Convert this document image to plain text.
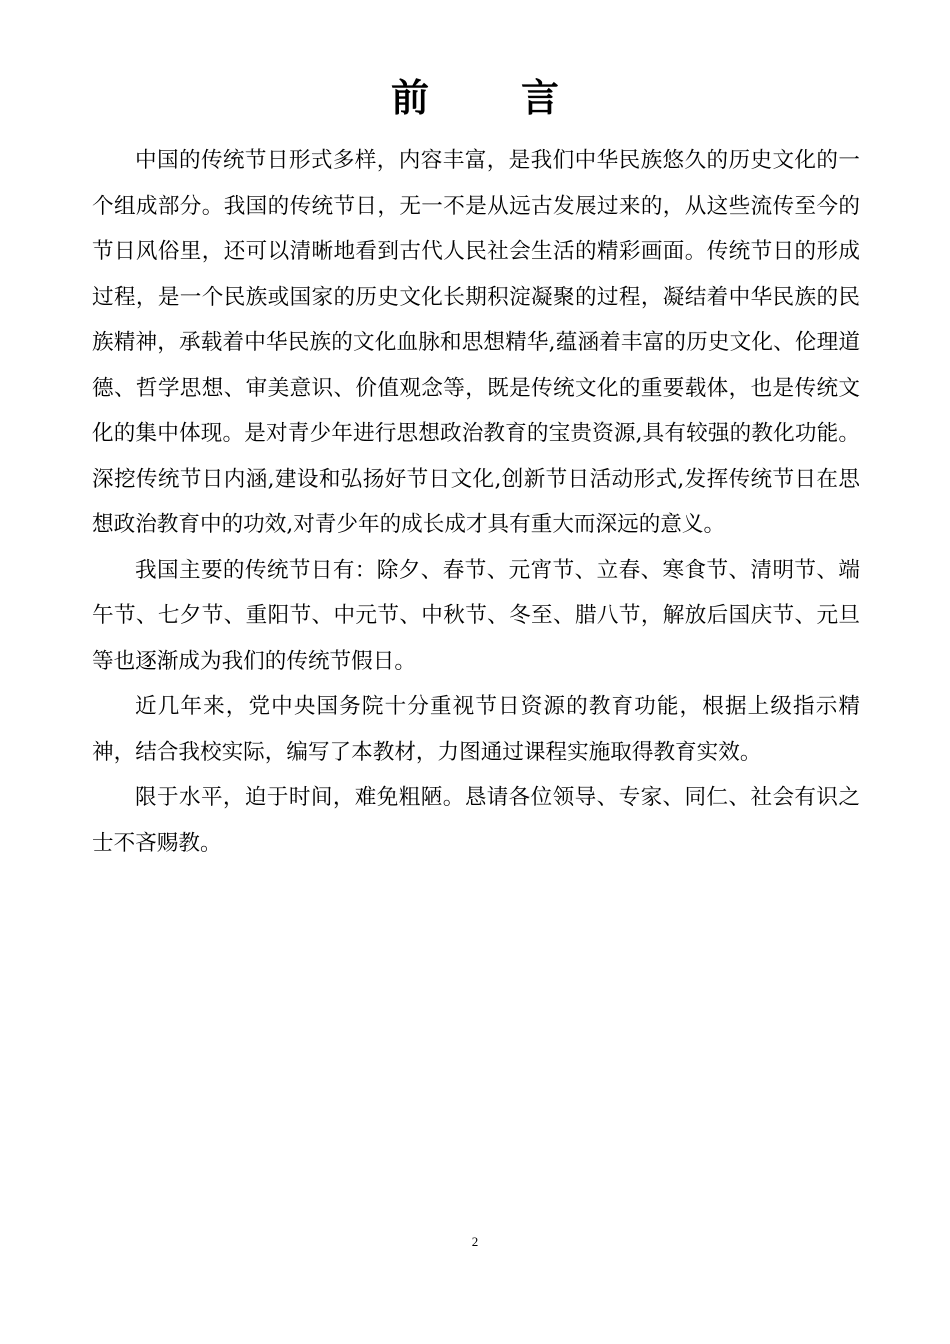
前言

中国的传统节日形式多样，内容丰富，是我们中华民族悠久的历史文化的一个组成部分。我国的传统节日，无一不是从远古发展过来的，从这些流传至今的节日风俗里，还可以清晰地看到古代人民社会生活的精彩画面。传统节日的形成过程，是一个民族或国家的历史文化长期积淀凝聚的过程，凝结着中华民族的民族精神，承载着中华民族的文化血脉和思想精华,蕴涵着丰富的历史文化、伦理道德、哲学思想、审美意识、价值观念等，既是传统文化的重要载体，也是传统文化的集中体现。是对青少年进行思想政治教育的宝贵资源,具有较强的教化功能。深挖传统节日内涵,建设和弘扬好节日文化,创新节日活动形式,发挥传统节日在思想政治教育中的功效,对青少年的成长成才具有重大而深远的意义。

我国主要的传统节日有：除夕、春节、元宵节、立春、寒食节、清明节、端午节、七夕节、重阳节、中元节、中秋节、冬至、腊八节，解放后国庆节、元旦等也逐渐成为我们的传统节假日。

近几年来，党中央国务院十分重视节日资源的教育功能，根据上级指示精神，结合我校实际，编写了本教材，力图通过课程实施取得教育实效。

限于水平，迫于时间，难免粗陋。恳请各位领导、专家、同仁、社会有识之士不吝赐教。

2
